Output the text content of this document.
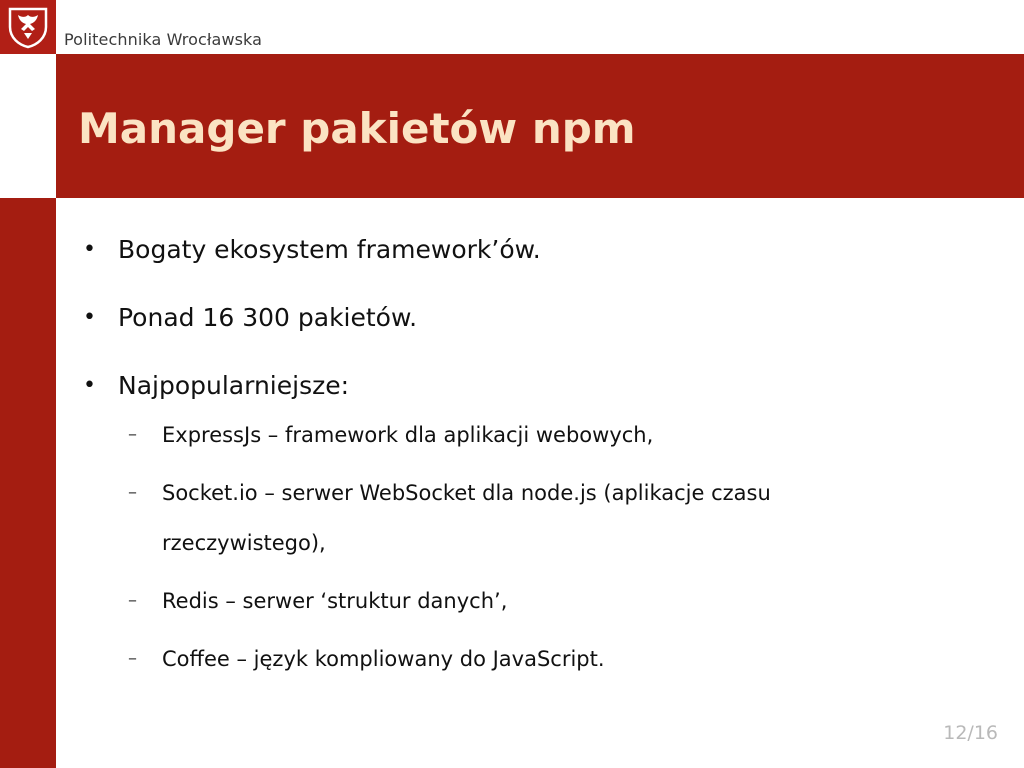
Politechnika Wrocławska
Manager pakietów npm
• Bogaty ekosystem framework’ów.
• Ponad 16 300 pakietów.
• Najpopularniejsze:
– ExpressJs – framework dla aplikacji webowych,
– Socket.io – serwer WebSocket dla node.js (aplikacje czasu rzeczywistego),
– Redis – serwer ‘struktur danych’,
– Coffee – język kompliowany do JavaScript.
12/16
